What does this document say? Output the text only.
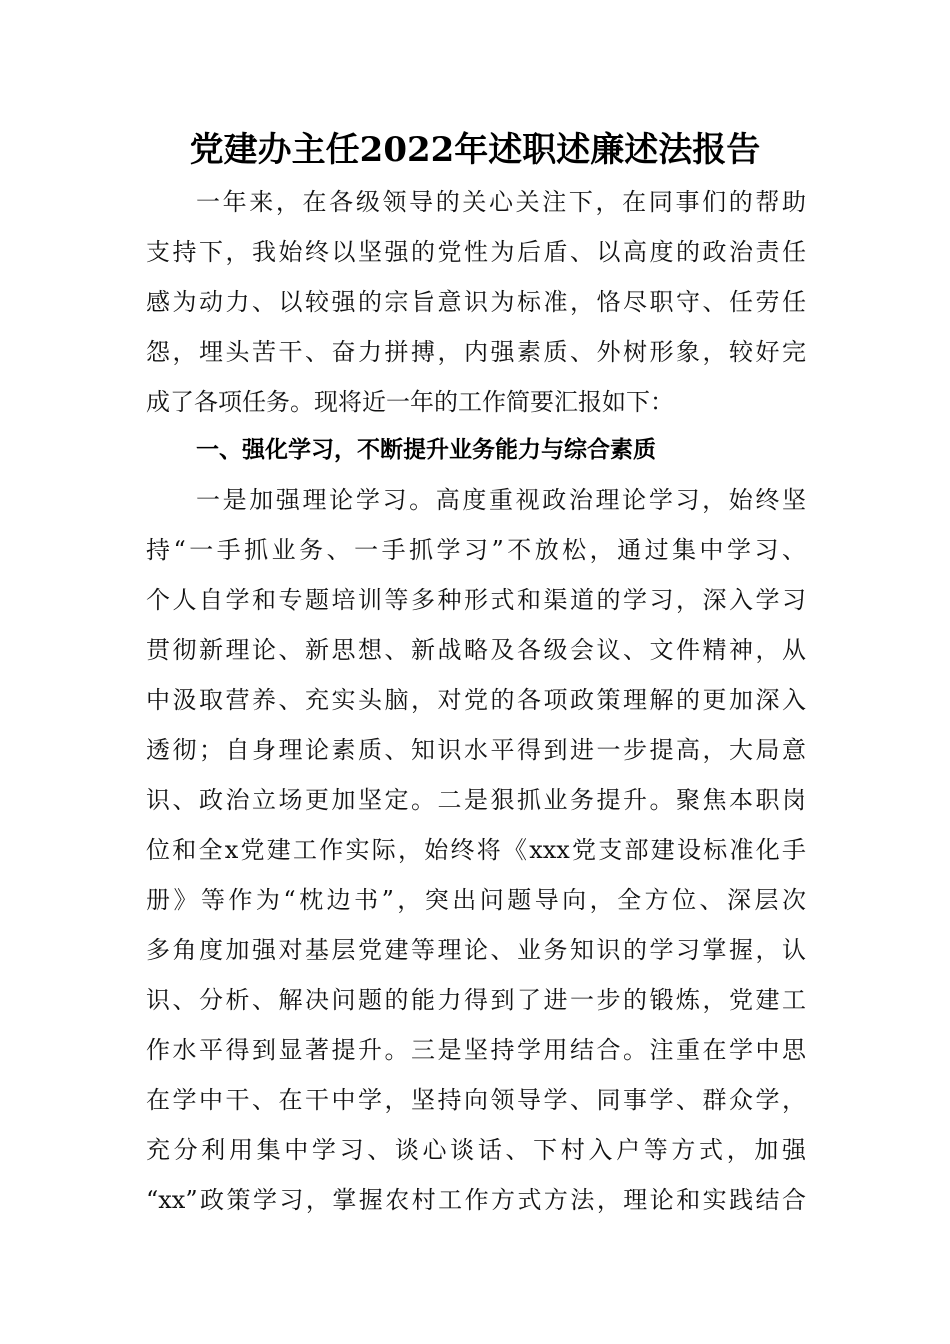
党建办主任2022年述职述廉述法报告

一年来，在各级领导的关心关注下，在同事们的帮助

支持下，我始终以坚强的党性为后盾、以高度的政治责任

感为动力、以较强的宗旨意识为标准，恪尽职守、任劳任

怨，埋头苦干、奋力拼搏，内强素质、外树形象，较好完

成了各项任务。现将近一年的工作简要汇报如下：

一、强化学习，不断提升业务能力与综合素质

一是加强理论学习。高度重视政治理论学习，始终坚

持“一手抓业务、一手抓学习”不放松，通过集中学习、

个人自学和专题培训等多种形式和渠道的学习，深入学习

贯彻新理论、新思想、新战略及各级会议、文件精神，从

中汲取营养、充实头脑，对党的各项政策理解的更加深入

透彻；自身理论素质、知识水平得到进一步提高，大局意

识、政治立场更加坚定。二是狠抓业务提升。聚焦本职岗

位和全x党建工作实际，始终将《xxx党支部建设标准化手

册》等作为“枕边书”，突出问题导向，全方位、深层次

多角度加强对基层党建等理论、业务知识的学习掌握，认

识、分析、解决问题的能力得到了进一步的锻炼，党建工

作水平得到显著提升。三是坚持学用结合。注重在学中思

在学中干、在干中学，坚持向领导学、同事学、群众学，

充分利用集中学习、谈心谈话、下村入户等方式，加强

“xx”政策学习，掌握农村工作方式方法，理论和实践结合
